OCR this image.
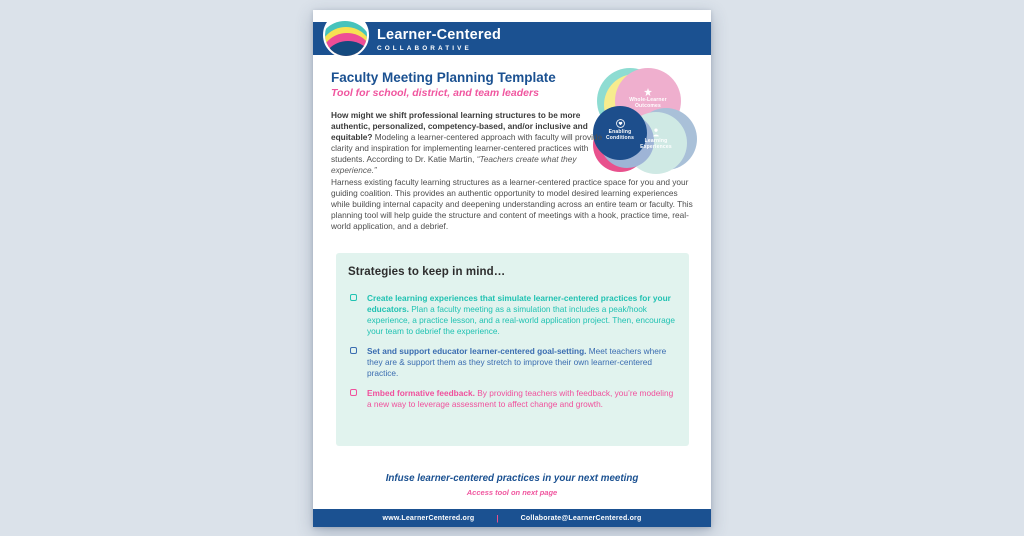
Learner-Centered
COLLABORATIVE
Faculty Meeting Planning Template
Tool for school, district, and team leaders
Whole-Learner
Outcomes
Enabling
Conditions	Learning
Experiences

How might we shift professional learning structures to be more authentic, personalized, competency-based, and/or inclusive and equitable? Modeling a learner-centered approach with faculty will provide clarity and inspiration for implementing learner-centered practices with students. According to Dr. Katie Martin, “Teachers create what they experience.”

Harness existing faculty learning structures as a learner-centered practice space for you and your guiding coalition. This provides an authentic opportunity to model desired learning experiences while building internal capacity and deepening understanding across an entire team or faculty. This planning tool will help guide the structure and content of meetings with a hook, practice time, real-world application, and a debrief.

Strategies to keep in mind…
Create learning experiences that simulate learner-centered practices for your educators. Plan a faculty meeting as a simulation that includes a peak/hook experience, a practice lesson, and a real-world application project. Then, encourage your team to debrief the experience.
Set and support educator learner-centered goal-setting. Meet teachers where they are & support them as they stretch to improve their own learner-centered practice.
Embed formative feedback. By providing teachers with feedback, you’re modeling a new way to leverage assessment to affect change and growth.
Infuse learner-centered practices in your next meeting
Access tool on next page
www.LearnerCentered.org	|	Collaborate@LearnerCentered.org
